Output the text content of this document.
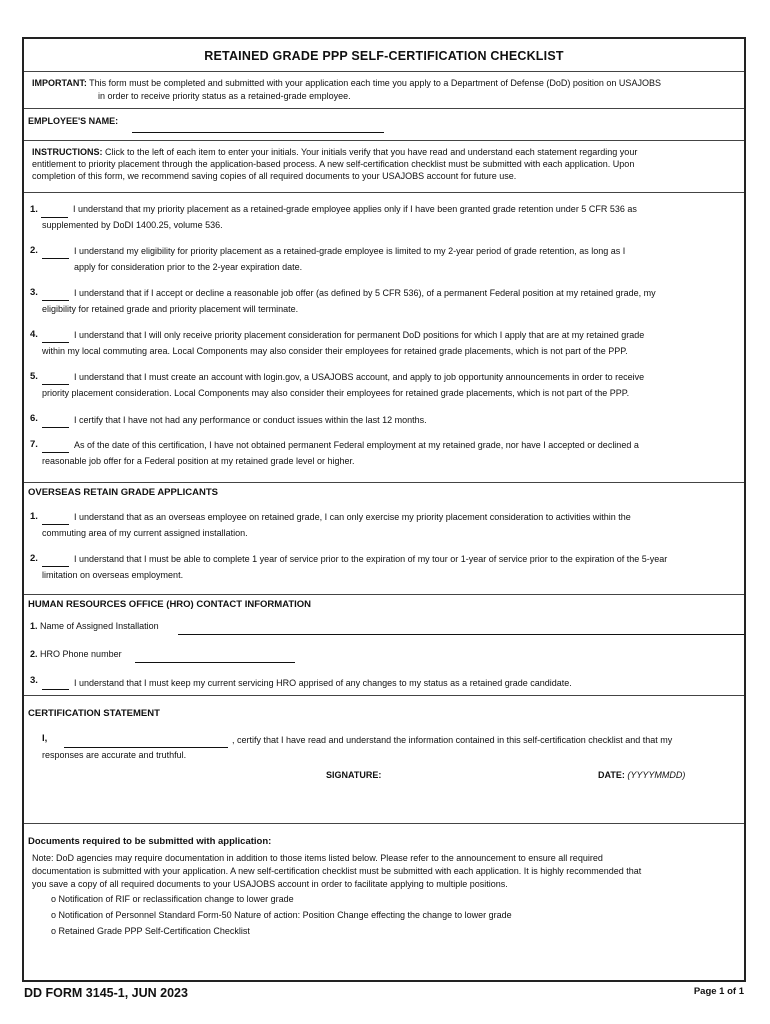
RETAINED GRADE PPP SELF-CERTIFICATION CHECKLIST
IMPORTANT: This form must be completed and submitted with your application each time you apply to a Department of Defense (DoD) position on USAJOBS
in order to receive priority status as a retained-grade employee.
EMPLOYEE'S NAME:
INSTRUCTIONS: Click to the left of each item to enter your initials. Your initials verify that you have read and understand each statement regarding your
entitlement to priority placement through the application-based process. A new self-certification checklist must be submitted with each application. Upon
completion of this form, we recommend saving copies of all required documents to your USAJOBS account for future use.
1.	I understand that my priority placement as a retained-grade employee applies only if I have been granted grade retention under 5 CFR 536 as
supplemented by DoDI 1400.25, volume 536.
2.	I understand my eligibility for priority placement as a retained-grade employee is limited to my 2-year period of grade retention, as long as I
apply for consideration prior to the 2-year expiration date.
3.	I understand that if I accept or decline a reasonable job offer (as defined by 5 CFR 536), of a permanent Federal position at my retained grade, my
eligibility for retained grade and priority placement will terminate.
4.	I understand that I will only receive priority placement consideration for permanent DoD positions for which I apply that are at my retained grade
within my local commuting area. Local Components may also consider their employees for retained grade placements, which is not part of the PPP.
5.	I understand that I must create an account with login.gov, a USAJOBS account, and apply to job opportunity announcements in order to receive
priority placement consideration. Local Components may also consider their employees for retained grade placements, which is not part of the PPP.
6.	I certify that I have not had any performance or conduct issues within the last 12 months.
7.	As of the date of this certification, I have not obtained permanent Federal employment at my retained grade, nor have I accepted or declined a
reasonable job offer for a Federal position at my retained grade level or higher.
OVERSEAS RETAIN GRADE APPLICANTS
1.	I understand that as an overseas employee on retained grade, I can only exercise my priority placement consideration to activities within the
commuting area of my current assigned installation.
2.	I understand that I must be able to complete 1 year of service prior to the expiration of my tour or 1-year of service prior to the expiration of the 5-year
limitation on overseas employment.
HUMAN RESOURCES OFFICE (HRO) CONTACT INFORMATION
1. Name of Assigned Installation
2. HRO Phone number
3.	I understand that I must keep my current servicing HRO apprised of any changes to my status as a retained grade candidate.
CERTIFICATION STATEMENT
I,	, certify that I have read and understand the information contained in this self-certification checklist and that my
responses are accurate and truthful.
SIGNATURE:	DATE: (YYYYMMDD)
Documents required to be submitted with application:
Note: DoD agencies may require documentation in addition to those items listed below. Please refer to the announcement to ensure all required
documentation is submitted with your application. A new self-certification checklist must be submitted with each application. It is highly recommended that
you save a copy of all required documents to your USAJOBS account in order to facilitate applying to multiple positions.
o Notification of RIF or reclassification change to lower grade
o Notification of Personnel Standard Form-50 Nature of action: Position Change effecting the change to lower grade
o Retained Grade PPP Self-Certification Checklist
DD FORM 3145-1, JUN 2023	Page 1 of 1
